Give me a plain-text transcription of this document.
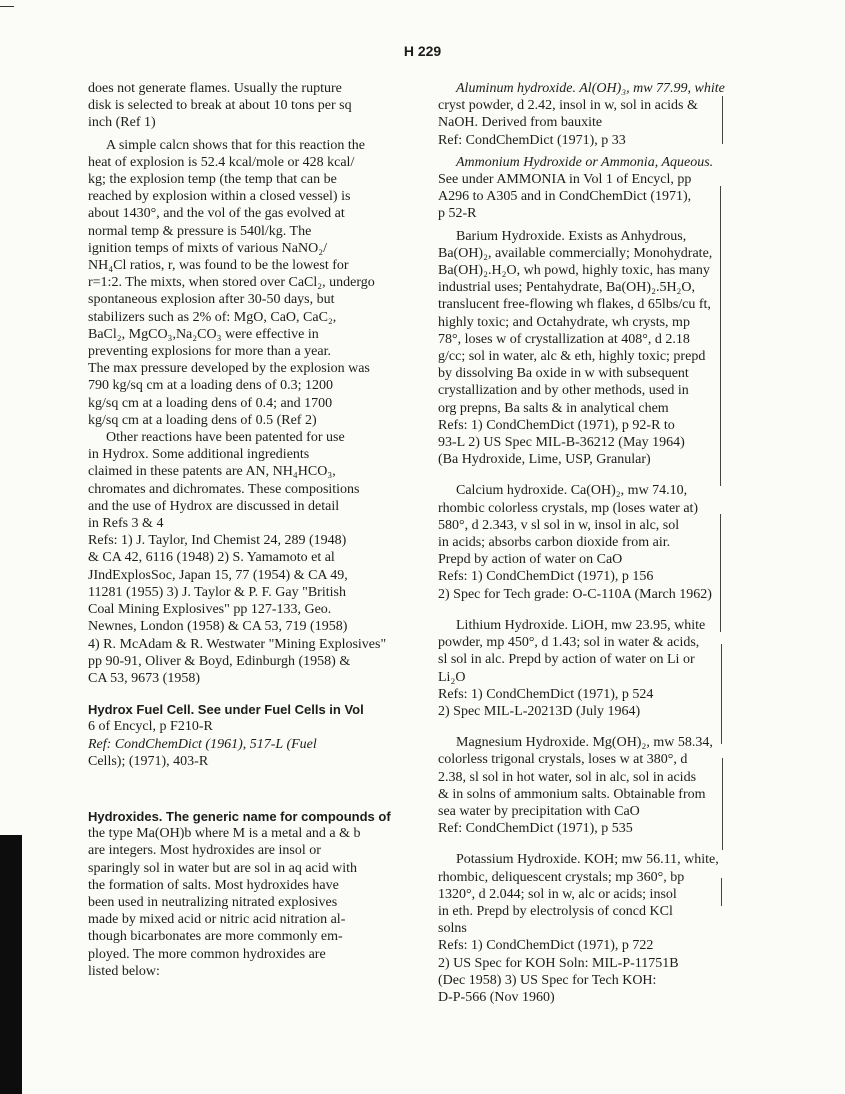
H 229

does not generate flames. Usually the rupture
disk is selected to break at about 10 tons per sq
inch (Ref 1)

A simple calcn shows that for this reaction the
heat of explosion is 52.4 kcal/mole or 428 kcal/
kg; the explosion temp (the temp that can be
reached by explosion within a closed vessel) is
about 1430°, and the vol of the gas evolved at
normal temp & pressure is 540l/kg. The
ignition temps of mixts of various NaNO₂/
NH₄Cl ratios, r, was found to be the lowest for
r=1:2. The mixts, when stored over CaCl₂, undergo
spontaneous explosion after 30-50 days, but
stabilizers such as 2% of: MgO, CaO, CaC₂,
BaCl₂, MgCO₃,Na₂CO₃ were effective in
preventing explosions for more than a year.
The max pressure developed by the explosion was
790 kg/sq cm at a loading dens of 0.3; 1200
kg/sq cm at a loading dens of 0.4; and 1700
kg/sq cm at a loading dens of 0.5 (Ref 2)

Other reactions have been patented for use
in Hydrox. Some additional ingredients
claimed in these patents are AN, NH₄HCO₃,
chromates and dichromates. These compositions
and the use of Hydrox are discussed in detail
in Refs 3 & 4

Refs: 1) J. Taylor, Ind Chemist 24, 289 (1948)
& CA 42, 6116 (1948) 2) S. Yamamoto et al
JIndExplosSoc, Japan 15, 77 (1954) & CA 49,
11281 (1955) 3) J. Taylor & P. F. Gay "British
Coal Mining Explosives" pp 127-133, Geo.
Newnes, London (1958) & CA 53, 719 (1958)
4) R. McAdam & R. Westwater "Mining Explosives"
pp 90-91, Oliver & Boyd, Edinburgh (1958) &
CA 53, 9673 (1958)

Hydrox Fuel Cell. See under Fuel Cells in Vol
6 of Encycl, p F210-R
Ref: CondChemDict (1961), 517-L (Fuel
Cells); (1971), 403-R

Hydroxides. The generic name for compounds of
the type Ma(OH)b where M is a metal and a & b
are integers. Most hydroxides are insol or
sparingly sol in water but are sol in aq acid with
the formation of salts. Most hydroxides have
been used in neutralizing nitrated explosives
made by mixed acid or nitric acid nitration al-
though bicarbonates are more commonly em-
ployed. The more common hydroxides are
listed below:

Aluminum hydroxide. Al(OH)₃, mw 77.99, white
cryst powder, d 2.42, insol in w, sol in acids &
NaOH. Derived from bauxite
Ref: CondChemDict (1971), p 33

Ammonium Hydroxide or Ammonia, Aqueous.
See under AMMONIA in Vol 1 of Encycl, pp
A296 to A305 and in CondChemDict (1971),
p 52-R

Barium Hydroxide. Exists as Anhydrous,
Ba(OH)₂, available commercially; Monohydrate,
Ba(OH)₂.H₂O, wh powd, highly toxic, has many
industrial uses; Pentahydrate, Ba(OH)₂.5H₂O,
translucent free-flowing wh flakes, d 65lbs/cu ft,
highly toxic; and Octahydrate, wh crysts, mp
78°, loses w of crystallization at 408°, d 2.18
g/cc; sol in water, alc & eth, highly toxic; prepd
by dissolving Ba oxide in w with subsequent
crystallization and by other methods, used in
org prepns, Ba salts & in analytical chem
Refs: 1) CondChemDict (1971), p 92-R to
93-L 2) US Spec MIL-B-36212 (May 1964)
(Ba Hydroxide, Lime, USP, Granular)

Calcium hydroxide. Ca(OH)₂, mw 74.10,
rhombic colorless crystals, mp (loses water at)
580°, d 2.343, v sl sol in w, insol in alc, sol
in acids; absorbs carbon dioxide from air.
Prepd by action of water on CaO
Refs: 1) CondChemDict (1971), p 156
2) Spec for Tech grade: O-C-110A (March 1962)

Lithium Hydroxide. LiOH, mw 23.95, white
powder, mp 450°, d 1.43; sol in water & acids,
sl sol in alc. Prepd by action of water on Li or
Li₂O
Refs: 1) CondChemDict (1971), p 524
2) Spec MIL-L-20213D (July 1964)

Magnesium Hydroxide. Mg(OH)₂, mw 58.34,
colorless trigonal crystals, loses w at 380°, d
2.38, sl sol in hot water, sol in alc, sol in acids
& in solns of ammonium salts. Obtainable from
sea water by precipitation with CaO
Ref: CondChemDict (1971), p 535

Potassium Hydroxide. KOH; mw 56.11, white,
rhombic, deliquescent crystals; mp 360°, bp
1320°, d 2.044; sol in w, alc or acids; insol
in eth. Prepd by electrolysis of concd KCl
solns
Refs: 1) CondChemDict (1971), p 722
2) US Spec for KOH Soln: MIL-P-11751B
(Dec 1958) 3) US Spec for Tech KOH:
D-P-566 (Nov 1960)
